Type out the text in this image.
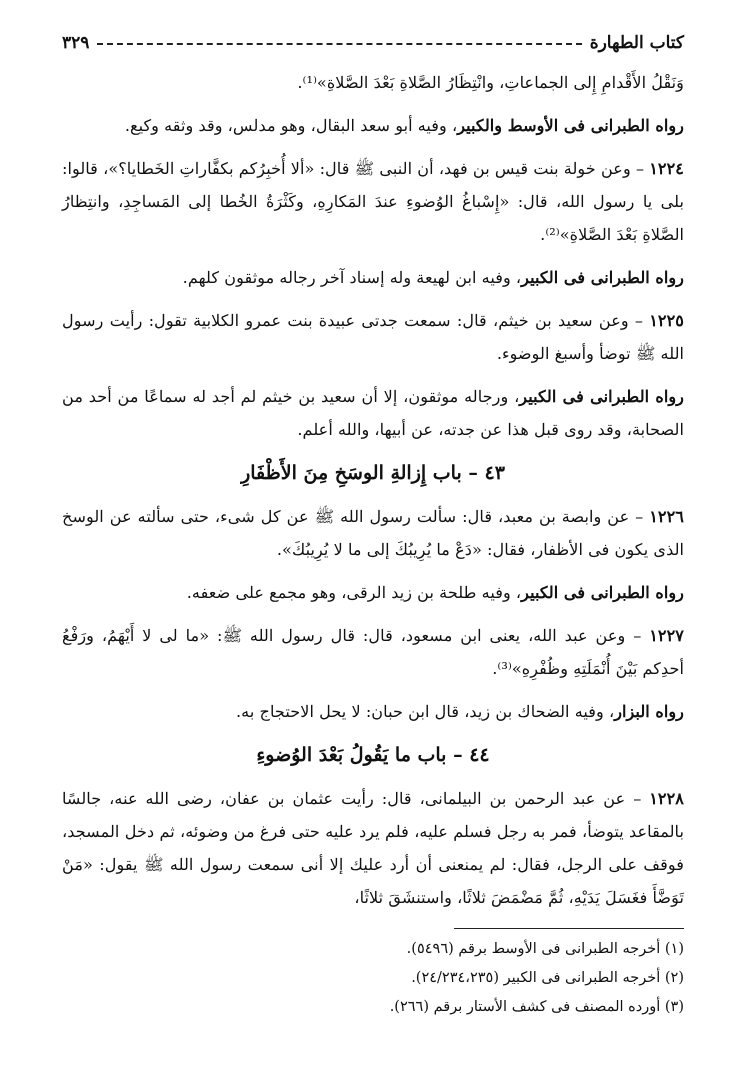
كتاب الطهارة
٣٢٩
وَنَقْلُ الأَقْدامِ إِلى الجماعاتِ، وانْتِظَارُ الصَّلاةِ بَعْدَ الصَّلاةِ»⁽¹⁾.
رواه الطبرانى فى الأوسط والكبير، وفيه أبو سعد البقال، وهو مدلس، وقد وثقه وكيع.
١٢٢٤ – وعن خولة بنت قيس بن فهد، أن النبى ﷺ قال: «ألا أُخبِرُكم بكفَّاراتِ الخَطايا؟»، قالوا: بلى يا رسول الله، قال: «إِسْباغُ الوُضوءِ عندَ المَكارِهِ، وكَثْرَةُ الخُطا إلى المَساجِدِ، وانتِظارُ الصَّلاةِ بَعْدَ الصَّلاةِ»⁽²⁾.
رواه الطبرانى فى الكبير، وفيه ابن لهيعة وله إسناد آخر رجاله موثقون كلهم.
١٢٢٥ – وعن سعيد بن خيثم، قال: سمعت جدتى عبيدة بنت عمرو الكلابية تقول: رأيت رسول الله ﷺ توضأ وأسبغ الوضوء.
رواه الطبرانى فى الكبير، ورجاله موثقون، إلا أن سعيد بن خيثم لم أجد له سماعًا من أحد من الصحابة، وقد روى قبل هذا عن جدته، عن أبيها، والله أعلم.
٤٣ – باب إِزالةِ الوسَخِ مِنَ الأَظْفَارِ
١٢٢٦ – عن وابصة بن معبد، قال: سألت رسول الله ﷺ عن كل شىء، حتى سألته عن الوسخ الذى يكون فى الأظفار، فقال: «دَعْ ما يُرِيبُكَ إلى ما لا يُرِيبُكَ».
رواه الطبرانى فى الكبير، وفيه طلحة بن زيد الرقى، وهو مجمع على ضعفه.
١٢٢٧ – وعن عبد الله، يعنى ابن مسعود، قال: قال رسول الله ﷺ: «ما لى لا أَيْهَمُ، ورَفْعُ أحدِكم بَيْنَ أُنْمَلَتِهِ وظُفْرِهِ»⁽³⁾.
رواه البزار، وفيه الضحاك بن زيد، قال ابن حبان: لا يحل الاحتجاج به.
٤٤ – باب ما يَقُولُ بَعْدَ الوُضوءِ
١٢٢٨ – عن عبد الرحمن بن البيلمانى، قال: رأيت عثمان بن عفان، رضى الله عنه، جالسًا بالمقاعد يتوضأ، فمر به رجل فسلم عليه، فلم يرد عليه حتى فرغ من وضوئه، ثم دخل المسجد، فوقف على الرجل، فقال: لم يمنعنى أن أرد عليك إلا أنى سمعت رسول الله ﷺ يقول: «مَنْ تَوَضَّأَ فغَسَلَ يَدَيْهِ، ثُمَّ مَضْمَضَ ثلاثًا، واستنشَقَ ثلاثًا،

(١) أخرجه الطبرانى فى الأوسط برقم (٥٤٩٦).

(٢) أخرجه الطبرانى فى الكبير (٢٤/٢٣٤،٢٣٥).

(٣) أورده المصنف فى كشف الأستار برقم (٢٦٦).
